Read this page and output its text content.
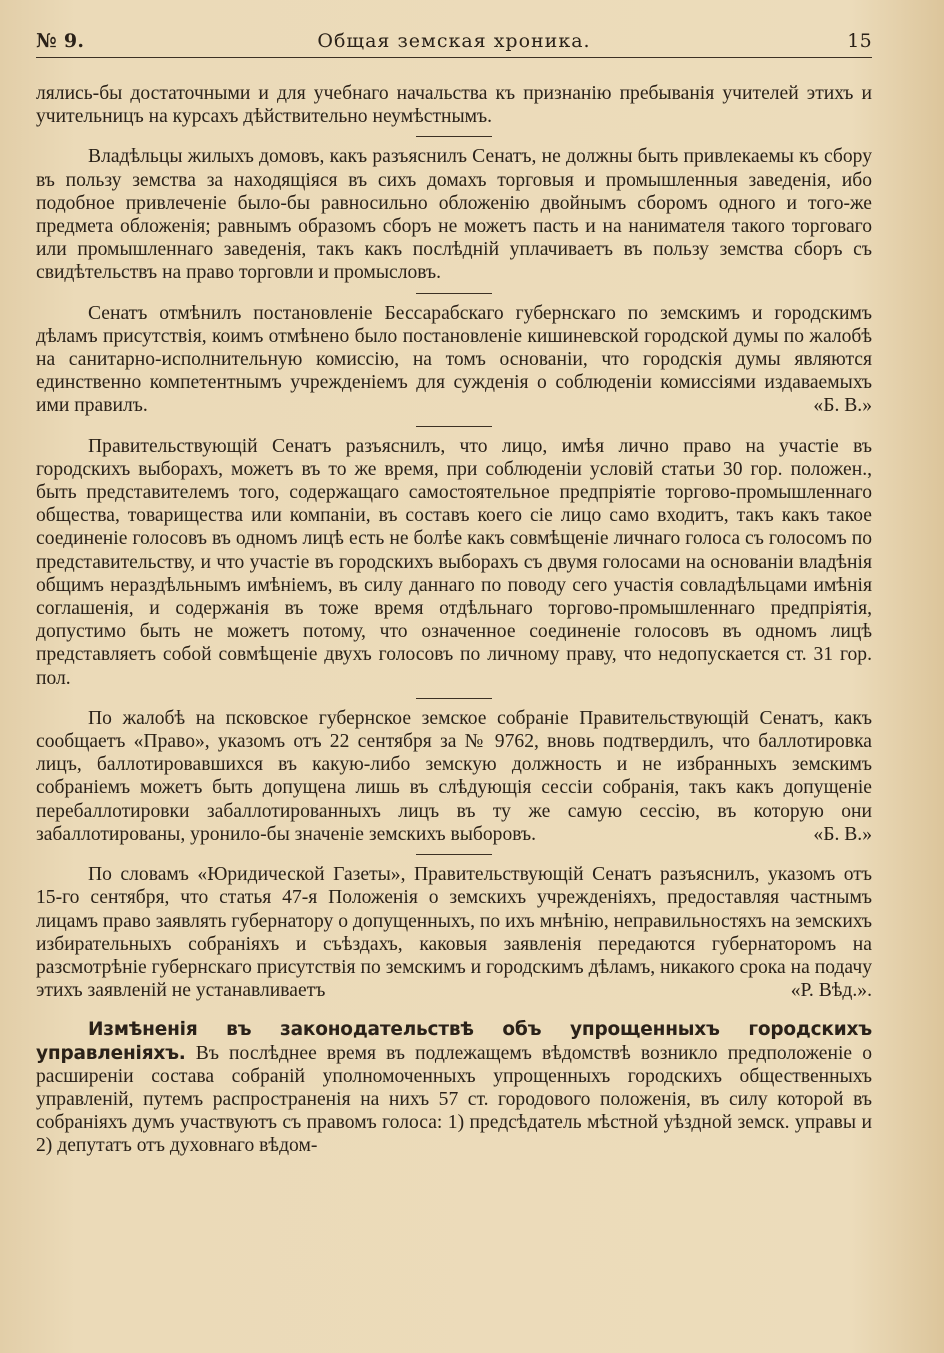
№ 9.	Общая земская хроника.	15

лялись-бы достаточными и для учебнаго начальства къ признанію пребыванія учителей этихъ и учительницъ на курсахъ дѣйствительно неумѣстнымъ.

Владѣльцы жилыхъ домовъ, какъ разъяснилъ Сенатъ, не должны быть привлекаемы къ сбору въ пользу земства за находящіяся въ сихъ домахъ торговыя и промышленныя заведенія, ибо подобное привлеченіе было-бы равносильно обложенію двойнымъ сборомъ одного и того-же предмета обложенія; равнымъ образомъ сборъ не можетъ пасть и на нанимателя такого торговаго или промышленнаго заведенія, такъ какъ послѣдній уплачиваетъ въ пользу земства сборъ съ свидѣтельствъ на право торговли и промысловъ.

Сенатъ отмѣнилъ постановленіе Бессарабскаго губернскаго по земскимъ и городскимъ дѣламъ присутствія, коимъ отмѣнено было постановленіе кишиневской городской думы по жалобѣ на санитарно-исполнительную комиссію, на томъ основаніи, что городскія думы являются единственно компетентнымъ учрежденіемъ для сужденія о соблюденіи комиссіями издаваемыхъ ими правилъ.	«Б. В.»

Правительствующій Сенатъ разъяснилъ, что лицо, имѣя лично право на участіе въ городскихъ выборахъ, можетъ въ то же время, при соблюденіи условій статьи 30 гор. положен., быть представителемъ того, содержащаго самостоятельное предпріятіе торгово-промышленнаго общества, товарищества или компаніи, въ составъ коего сіе лицо само входитъ, такъ какъ такое соединеніе голосовъ въ одномъ лицѣ есть не болѣе какъ совмѣщеніе личнаго голоса съ голосомъ по представительству, и что участіе въ городскихъ выборахъ съ двумя голосами на основаніи владѣнія общимъ нераздѣльнымъ имѣніемъ, въ силу даннаго по поводу сего участія совладѣльцами имѣнія соглашенія, и содержанія въ тоже время отдѣльнаго торгово-промышленнаго предпріятія, допустимо быть не можетъ потому, что означенное соединеніе голосовъ въ одномъ лицѣ представляетъ собой совмѣщеніе двухъ голосовъ по личному праву, что недопускается ст. 31 гор. пол.

По жалобѣ на псковское губернское земское собраніе Правительствующій Сенатъ, какъ сообщаетъ «Право», указомъ отъ 22 сентября за № 9762, вновь подтвердилъ, что баллотировка лицъ, баллотировавшихся въ какую-либо земскую должность и не избранныхъ земскимъ собраніемъ можетъ быть допущена лишь въ слѣдующія сессіи собранія, такъ какъ допущеніе перебаллотировки забаллотированныхъ лицъ въ ту же самую сессію, въ которую они забаллотированы, уронило-бы значеніе земскихъ выборовъ.	«Б. В.»

По словамъ «Юридической Газеты», Правительствующій Сенатъ разъяснилъ, указомъ отъ 15-го сентября, что статья 47-я Положенія о земскихъ учрежденіяхъ, предоставляя частнымъ лицамъ право заявлять губернатору о допущенныхъ, по ихъ мнѣнію, неправильностяхъ на земскихъ избирательныхъ собраніяхъ и съѣздахъ, каковыя заявленія передаются губернаторомъ на разсмотрѣніе губернскаго присутствія по земскимъ и городскимъ дѣламъ, никакого срока на подачу этихъ заявленій не устанавливаетъ	«Р. Вѣд.».

Измѣненія въ законодательствѣ объ упрощенныхъ городскихъ управленіяхъ. Въ послѣднее время въ подлежащемъ вѣдомствѣ возникло предположеніе о расширеніи состава собраній уполномоченныхъ упрощенныхъ городскихъ общественныхъ управленій, путемъ распространенія на нихъ 57 ст. городового положенія, въ силу которой въ собраніяхъ думъ участвуютъ съ правомъ голоса: 1) предсѣдатель мѣстной уѣздной земск. управы и 2) депутатъ отъ духовнаго вѣдом-
